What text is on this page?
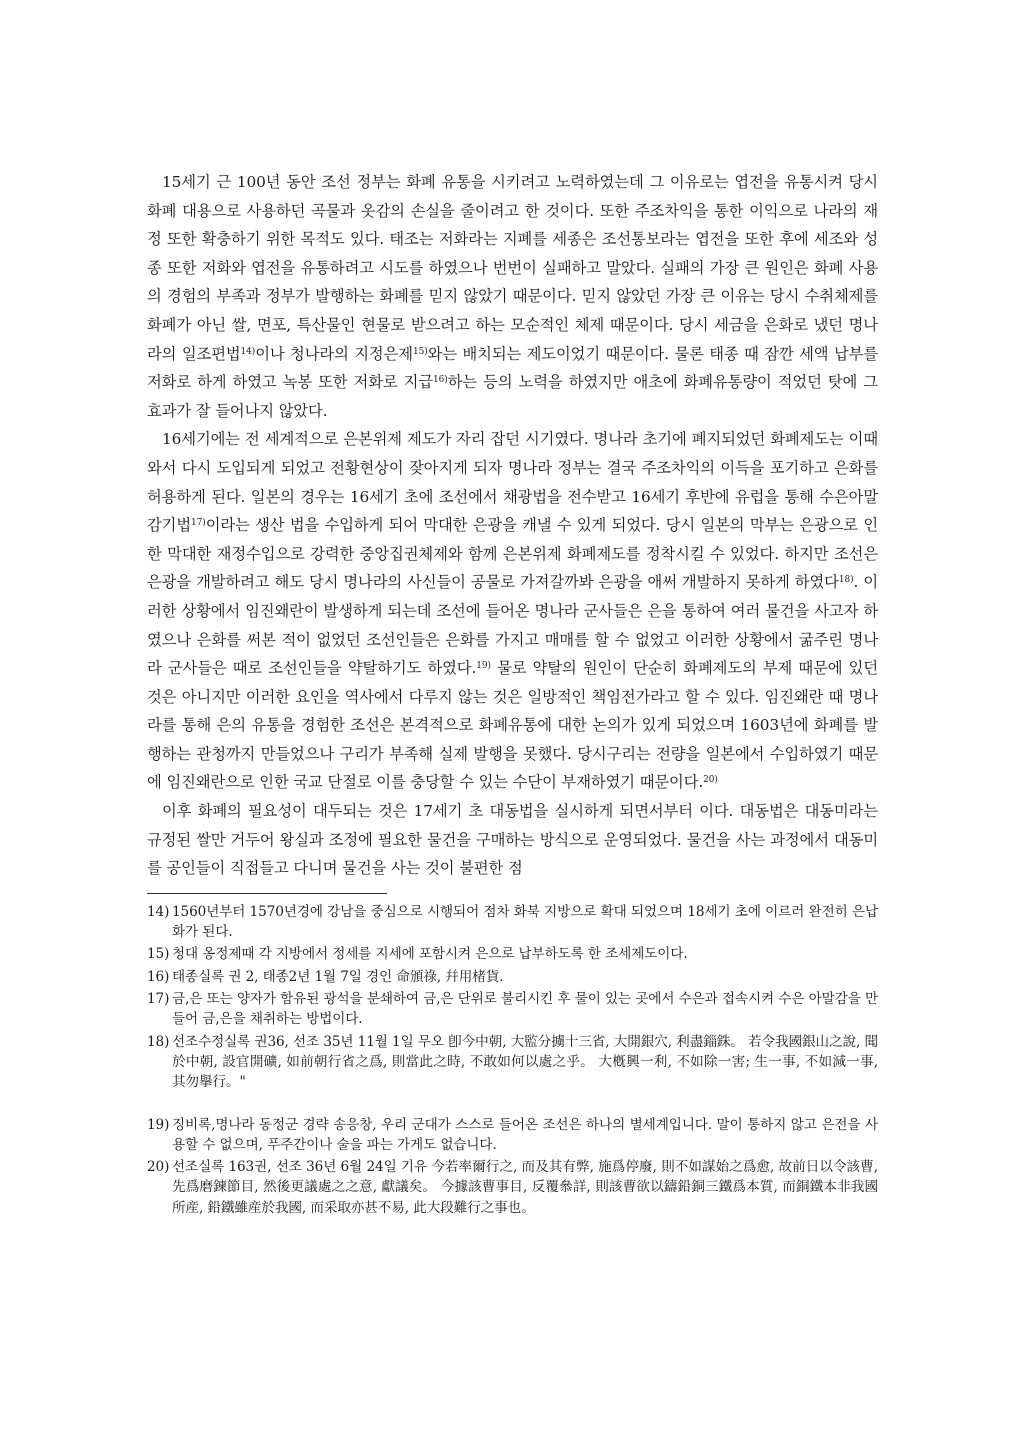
15세기 근 100년 동안 조선 정부는 화폐 유통을 시키려고 노력하였는데 그 이유로는 엽전을 유통시켜 당시 화폐 대용으로 사용하던 곡물과 옷감의 손실을 줄이려고 한 것이다. 또한 주조차익을 통한 이익으로 나라의 재정 또한 확충하기 위한 목적도 있다. 태조는 저화라는 지폐를 세종은 조선통보라는 엽전을 또한 후에 세조와 성종 또한 저화와 엽전을 유통하려고 시도를 하였으나 번번이 실패하고 말았다. 실패의 가장 큰 원인은 화폐 사용의 경험의 부족과 정부가 발행하는 화폐를 믿지 않았기 때문이다. 믿지 않았던 가장 큰 이유는 당시 수취체제를 화폐가 아닌 쌀, 면포, 특산물인 현물로 받으려고 하는 모순적인 체제 때문이다. 당시 세금을 은화로 냈던 명나라의 일조편법$^{14)}$이나 청나라의 지정은제$^{15)}$와는 배치되는 제도이었기 때문이다. 물론 태종 때 잠깐 세액 납부를 저화로 하게 하였고 녹봉 또한 저화로 지급$^{16)}$하는 등의 노력을 하였지만 애초에 화폐유통량이 적었던 탓에 그 효과가 잘 들어나지 않았다.

16세기에는 전 세계적으로 은본위제 제도가 자리 잡던 시기였다. 명나라 초기에 폐지되었던 화폐제도는 이때 와서 다시 도입되게 되었고 전황현상이 잦아지게 되자 명나라 정부는 결국 주조차익의 이득을 포기하고 은화를 허용하게 된다. 일본의 경우는 16세기 초에 조선에서 채광법을 전수받고 16세기 후반에 유럽을 통해 수은아말감기법$^{17)}$이라는 생산 법을 수입하게 되어 막대한 은광을 캐낼 수 있게 되었다. 당시 일본의 막부는 은광으로 인한 막대한 재정수입으로 강력한 중앙집권체제와 함께 은본위제 화폐제도를 정착시킬 수 있었다. 하지만 조선은 은광을 개발하려고 해도 당시 명나라의 사신들이 공물로 가져갈까봐 은광을 애써 개발하지 못하게 하였다$^{18)}$. 이러한 상황에서 임진왜란이 발생하게 되는데 조선에 들어온 명나라 군사들은 은을 통하여 여러 물건을 사고자 하였으나 은화를 써본 적이 없었던 조선인들은 은화를 가지고 매매를 할 수 없었고 이러한 상황에서 굶주린 명나라 군사들은 때로 조선인들을 약탈하기도 하였다.$^{19)}$ 물로 약탈의 원인이 단순히 화폐제도의 부제 때문에 있던 것은 아니지만 이러한 요인을 역사에서 다루지 않는 것은 일방적인 책임전가라고 할 수 있다. 임진왜란 때 명나라를 통해 은의 유통을 경험한 조선은 본격적으로 화폐유통에 대한 논의가 있게 되었으며 1603년에 화폐를 발행하는 관청까지 만들었으나 구리가 부족해 실제 발행을 못했다. 당시구리는 전량을 일본에서 수입하였기 때문에 임진왜란으로 인한 국교 단절로 이를 충당할 수 있는 수단이 부재하였기 때문이다.$^{20)}$

이후 화폐의 필요성이 대두되는 것은 17세기 초 대동법을 실시하게 되면서부터 이다. 대동법은 대동미라는 규정된 쌀만 거두어 왕실과 조정에 필요한 물건을 구매하는 방식으로 운영되었다. 물건을 사는 과정에서 대동미를 공인들이 직접들고 다니며 물건을 사는 것이 불편한 점

14) 1560년부터 1570년경에 강남을 중심으로 시행되어 점차 화북 지방으로 확대 되었으며 18세기 초에 이르러 완전히 은납화가 된다.

15) 청대 옹정제때 각 지방에서 정세를 지세에 포함시켜 은으로 납부하도록 한 조세제도이다.

16) 태종실록 권 2, 태종2년 1월 7일 경인 命頒祿, 幷用楮貨.

17) 금,은 또는 양자가 함유된 광석을 분쇄하여 금,은 단위로 불리시킨 후 물이 있는 곳에서 수은과 접속시켜 수은 아말감을 만들어 금,은을 채취하는 방법이다.

18) 선조수정실록 권36, 선조 35년 11월 1일 무오 卽今中朝, 大監分擄十三省, 大開銀穴, 利盡錙銖。 若令我國銀山之說, 聞於中朝, 設官開礦, 如前朝行省之爲, 則當此之時, 不敢如何以處之乎。 大槪興一利, 不如除一害; 生一事, 不如減一事, 其勿擧行。"

19) 징비록,명나라 동정군 경략 송응창, 우리 군대가 스스로 들어온 조선은 하나의 별세계입니다. 말이 통하지 않고 은전을 사용할 수 없으며, 푸주간이나 술을 파는 가게도 없습니다.

20) 선조실록 163권, 선조 36년 6월 24일 기유 今若率爾行之, 而及其有弊, 施爲停廢, 則不如謀始之爲愈, 故前日以令該曹, 先爲磨鍊節目, 然後更議處之之意, 獻議矣。 今據該曹事目, 反覆叅詳, 則該曹欲以鑄鉛銅三鐵爲本質, 而銅鐵本非我國所産, 鉛鐵雖産於我國, 而采取亦甚不易, 此大段難行之事也。
